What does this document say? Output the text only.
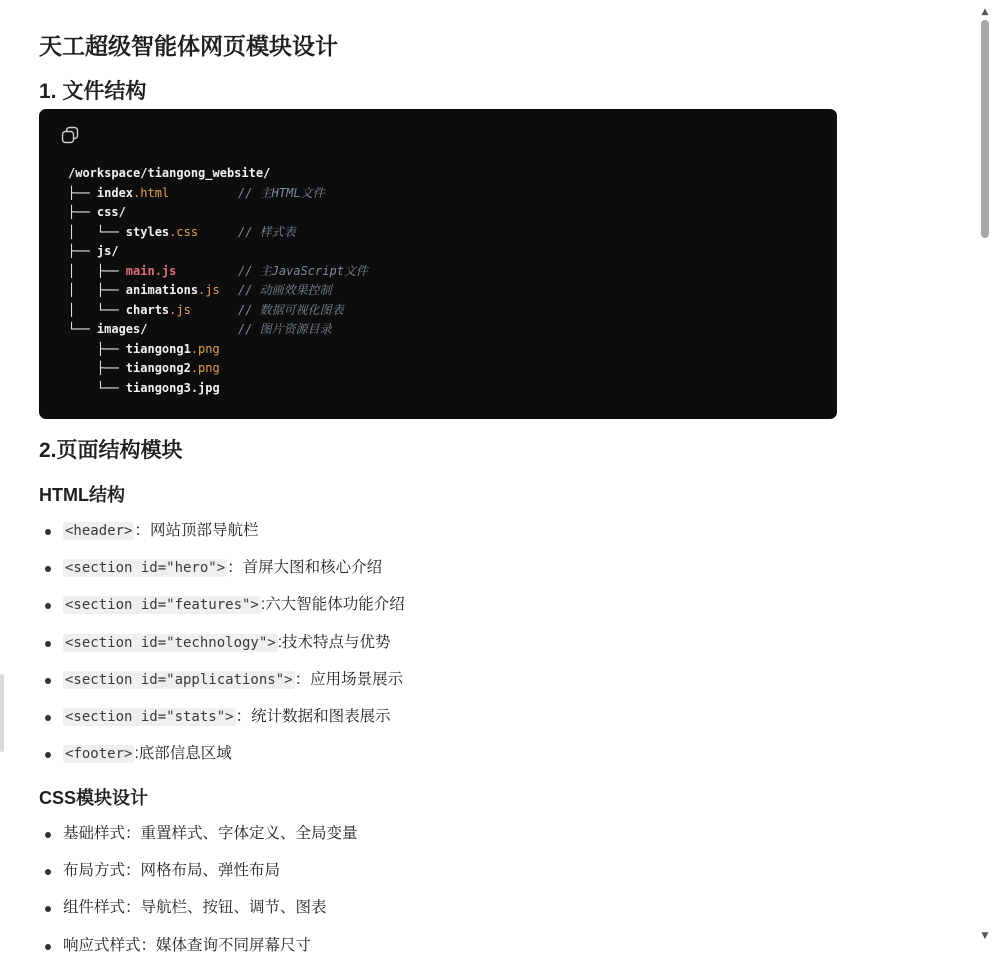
天工超级智能体网页模块设计
1. 文件结构
/workspace/tiangong_website/
├── index.html	// 主HTML文件
├── css/
│   └── styles.css	// 样式表
├── js/
│   ├── main.js	// 主JavaScript文件
│   ├── animations.js // 动画效果控制
│   └── charts.js	// 数据可视化图表
└── images/	// 图片资源目录
├── tiangong1.png
├── tiangong2.png
└── tiangong3.jpg
2.页面结构模块
HTML结构
<header> ：网站顶部导航栏
<section id="hero"> ：首屏大图和核心介绍
<section id="features"> :六大智能体功能介绍
<section id="technology"> :技术特点与优势
<section id="applications"> ：应用场景展示
<section id="stats"> ：统计数据和图表展示
<footer> :底部信息区域
CSS模块设计
基础样式：重置样式、字体定义、全局变量
布局方式：网格布局、弹性布局
组件样式：导航栏、按钮、调节、图表
响应式样式：媒体查询不同屏幕尺寸
▲
▼
